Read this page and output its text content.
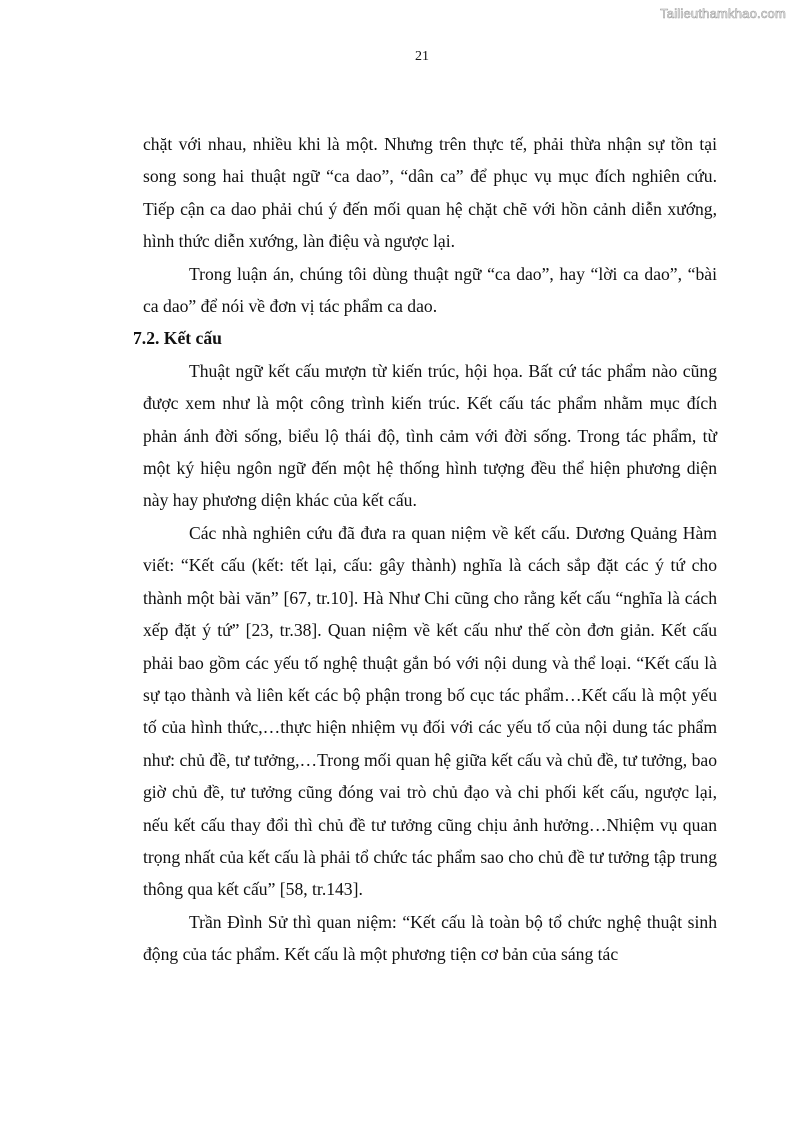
Tailieuthamkhao.com
21

chặt với nhau, nhiều khi là một. Nhưng trên thực tế, phải thừa nhận sự tồn tại song song hai thuật ngữ “ca dao”, “dân ca” để phục vụ mục đích nghiên cứu. Tiếp cận ca dao phải chú ý đến mối quan hệ chặt chẽ với hồn cảnh diễn xướng, hình thức diễn xướng, làn điệu và ngược lại.

Trong luận án, chúng tôi dùng thuật ngữ “ca dao”, hay “lời ca dao”, “bài ca dao” để nói về đơn vị tác phẩm ca dao.

7.2. Kết cấu

Thuật ngữ kết cấu mượn từ kiến trúc, hội họa. Bất cứ tác phẩm nào cũng được xem như là một công trình kiến trúc. Kết cấu tác phẩm nhằm mục đích phản ánh đời sống, biểu lộ thái độ, tình cảm với đời sống. Trong tác phẩm, từ một ký hiệu ngôn ngữ đến một hệ thống hình tượng đều thể hiện phương diện này hay phương diện khác của kết cấu.

Các nhà nghiên cứu đã đưa ra quan niệm về kết cấu. Dương Quảng Hàm viết: “Kết cấu (kết: tết lại, cấu: gây thành) nghĩa là cách sắp đặt các ý tứ cho thành một bài văn” [67, tr.10]. Hà Như Chi cũng cho rằng kết cấu “nghĩa là cách xếp đặt ý tứ” [23, tr.38]. Quan niệm về kết cấu như thế còn đơn giản. Kết cấu phải bao gồm các yếu tố nghệ thuật gắn bó với nội dung và thể loại. “Kết cấu là sự tạo thành và liên kết các bộ phận trong bố cục tác phẩm…Kết cấu là một yếu tố của hình thức,…thực hiện nhiệm vụ đối với các yếu tố của nội dung tác phẩm như: chủ đề, tư tưởng,…Trong mối quan hệ giữa kết cấu và chủ đề, tư tưởng, bao giờ chủ đề, tư tưởng cũng đóng vai trò chủ đạo và chi phối kết cấu, ngược lại, nếu kết cấu thay đổi thì chủ đề tư tưởng cũng chịu ảnh hưởng…Nhiệm vụ quan trọng nhất của kết cấu là phải tổ chức tác phẩm sao cho chủ đề tư tưởng tập trung thông qua kết cấu” [58, tr.143].

Trần Đình Sử thì quan niệm: “Kết cấu là toàn bộ tổ chức nghệ thuật sinh động của tác phẩm. Kết cấu là một phương tiện cơ bản của sáng tác
